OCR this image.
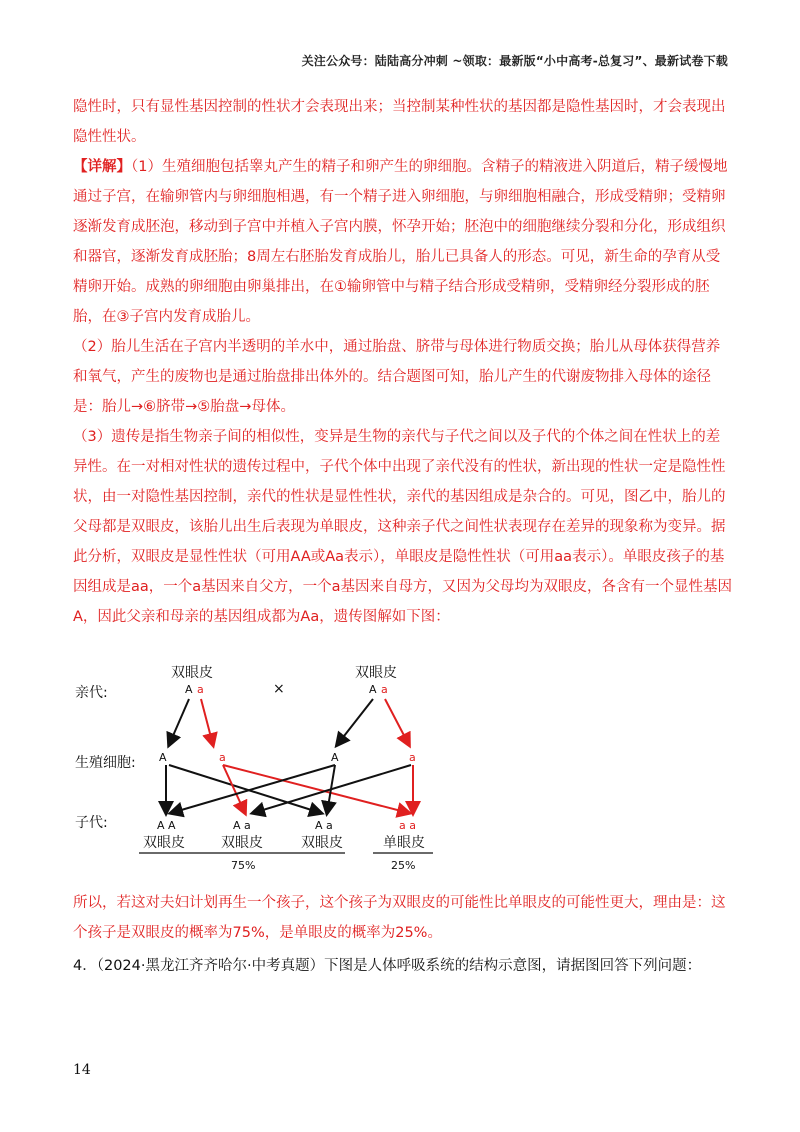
关注公众号：陆陆高分冲刺 ~领取：最新版“小中高考-总复习”、最新试卷下载

隐性时，只有显性基因控制的性状才会表现出来；当控制某种性状的基因都是隐性基因时，才会表现出隐性性状。

【详解】（1）生殖细胞包括睾丸产生的精子和卵产生的卵细胞。含精子的精液进入阴道后，精子缓慢地通过子宫，在输卵管内与卵细胞相遇，有一个精子进入卵细胞，与卵细胞相融合，形成受精卵；受精卵逐渐发育成胚泡，移动到子宫中并植入子宫内膜，怀孕开始；胚泡中的细胞继续分裂和分化，形成组织和器官，逐渐发育成胚胎；8周左右胚胎发育成胎儿，胎儿已具备人的形态。可见，新生命的孕育从受精卵开始。成熟的卵细胞由卵巢排出，在①输卵管中与精子结合形成受精卵，受精卵经分裂形成的胚胎，在③子宫内发育成胎儿。

（2）胎儿生活在子宫内半透明的羊水中，通过胎盘、脐带与母体进行物质交换；胎儿从母体获得营养和氧气，产生的废物也是通过胎盘排出体外的。结合题图可知，胎儿产生的代谢废物排入母体的途径是：胎儿→⑥脐带→⑤胎盘→母体。

（3）遗传是指生物亲子间的相似性，变异是生物的亲代与子代之间以及子代的个体之间在性状上的差异性。在一对相对性状的遗传过程中，子代个体中出现了亲代没有的性状，新出现的性状一定是隐性性状，由一对隐性基因控制，亲代的性状是显性性状，亲代的基因组成是杂合的。可见，图乙中，胎儿的父母都是双眼皮，该胎儿出生后表现为单眼皮，这种亲子代之间性状表现存在差异的现象称为变异。据此分析，双眼皮是显性性状（可用AA或Aa表示），单眼皮是隐性性状（可用aa表示）。单眼皮孩子的基因组成是aa，一个a基因来自父方，一个a基因来自母方，又因为父母均为双眼皮，各含有一个显性基因A，因此父亲和母亲的基因组成都为Aa，遗传图解如下图：

亲代:
生殖细胞:
子代:
双眼皮
A a	×
双眼皮
A a
A	a	A	a
A A	A a	A a	a a
双眼皮	双眼皮	双眼皮	单眼皮
75%	25%

所以，若这对夫妇计划再生一个孩子，这个孩子为双眼皮的可能性比单眼皮的可能性更大，理由是：这个孩子是双眼皮的概率为75%，是单眼皮的概率为25%。

4．（2024·黑龙江齐齐哈尔·中考真题）下图是人体呼吸系统的结构示意图，请据图回答下列问题：
14
